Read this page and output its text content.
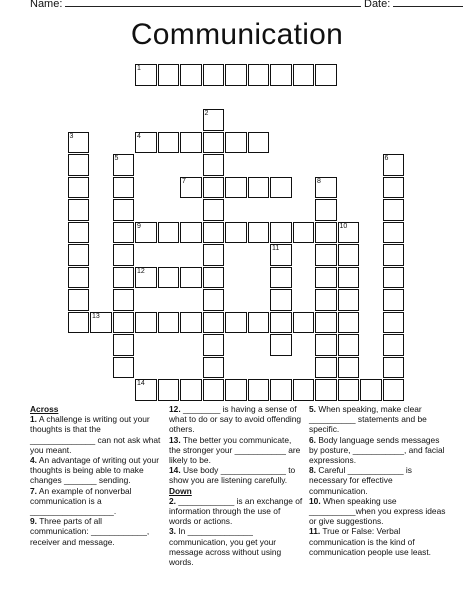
Name:	Date:
Communication
1
4
7
9
12
13
14
2
3
5	6
8
10
11

Across

1. A challenge is writing out your thoughts is that the ______________ can not ask what you meant.

4. An advantage of writing out your thoughts is being able to make changes _______ sending.

7. An example of nonverbal communication is a __________________.

9. Three parts of all communication: ____________, receiver and message.

12. ________ is having a sense of what to do or say to avoid offending others.

13. The better you communicate, the stronger your ___________ are likely to be.

14. Use body ______________ to show you are listening carefully.

Down

2. ____________ is an exchange of information through the use of words or actions.

3. In ______________ communication, you get your message across without using words.

5. When speaking, make clear __________ statements and be specific.

6. Body language sends messages by posture, ___________, and facial expressions.

8. Careful ____________ is necessary for effective communication.

10. When speaking use __________when you express ideas or give suggestions.

11. True or False: Verbal communication is the kind of communication people use least.
